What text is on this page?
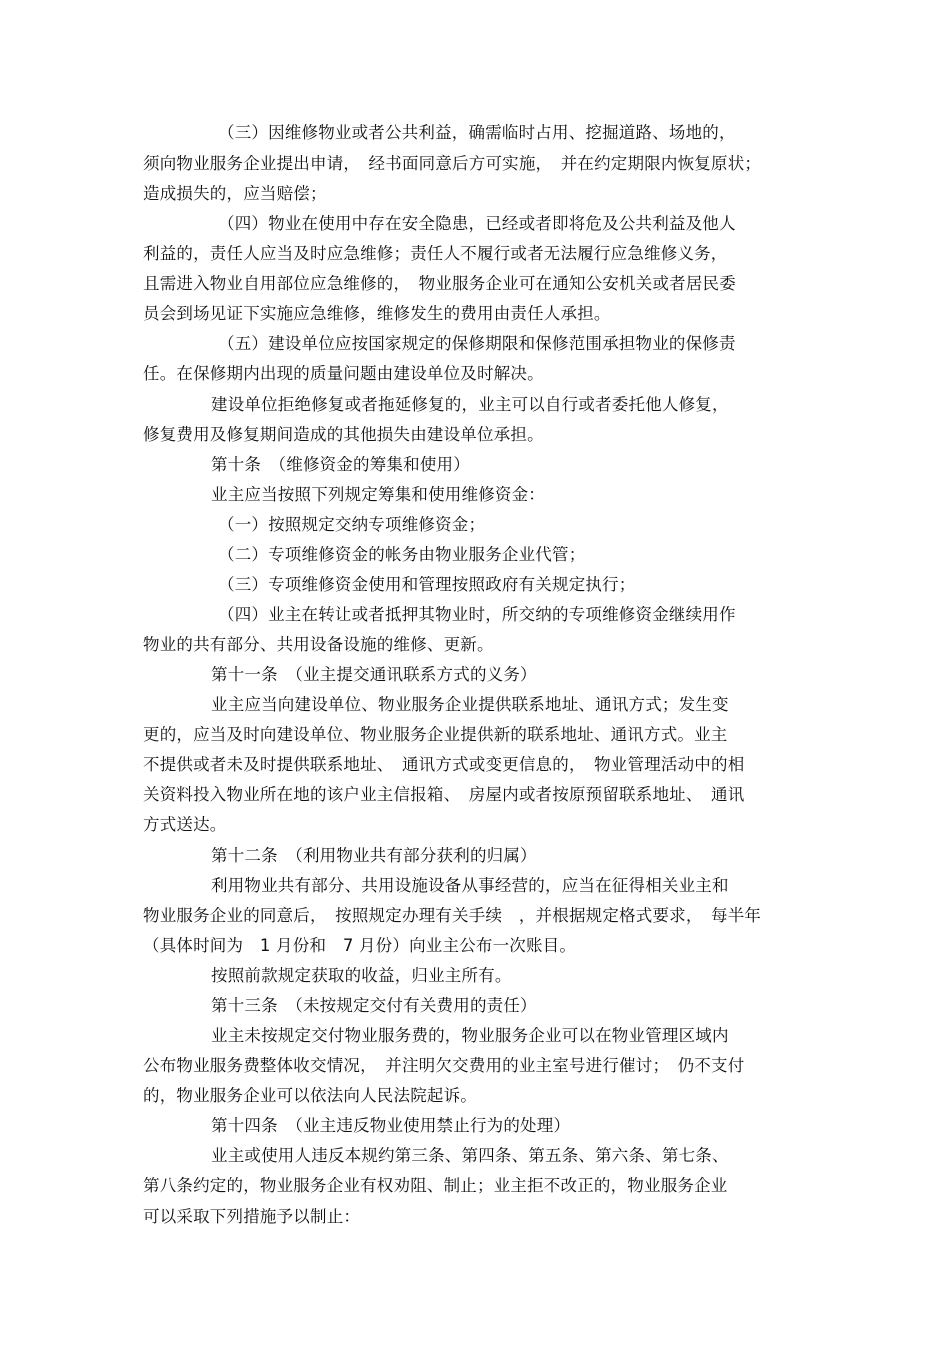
（三）因维修物业或者公共利益，确需临时占用、挖掘道路、场地的，

须向物业服务企业提出申请，　经书面同意后方可实施，　并在约定期限内恢复原状；

造成损失的，应当赔偿；

（四）物业在使用中存在安全隐患，已经或者即将危及公共利益及他人

利益的，责任人应当及时应急维修；责任人不履行或者无法履行应急维修义务，

且需进入物业自用部位应急维修的，　物业服务企业可在通知公安机关或者居民委

员会到场见证下实施应急维修，维修发生的费用由责任人承担。

（五）建设单位应按国家规定的保修期限和保修范围承担物业的保修责

任。在保修期内出现的质量问题由建设单位及时解决。

建设单位拒绝修复或者拖延修复的，业主可以自行或者委托他人修复，

修复费用及修复期间造成的其他损失由建设单位承担。

第十条　（维修资金的筹集和使用）

业主应当按照下列规定筹集和使用维修资金：

（一）按照规定交纳专项维修资金；

（二）专项维修资金的帐务由物业服务企业代管；

（三）专项维修资金使用和管理按照政府有关规定执行；

（四）业主在转让或者抵押其物业时，所交纳的专项维修资金继续用作

物业的共有部分、共用设备设施的维修、更新。

第十一条　（业主提交通讯联系方式的义务）

业主应当向建设单位、物业服务企业提供联系地址、通讯方式；发生变

更的，应当及时向建设单位、物业服务企业提供新的联系地址、通讯方式。业主

不提供或者未及时提供联系地址、　通讯方式或变更信息的，　物业管理活动中的相

关资料投入物业所在地的该户业主信报箱、　房屋内或者按原预留联系地址、　通讯

方式送达。

第十二条　（利用物业共有部分获利的归属）

利用物业共有部分、共用设施设备从事经营的，应当在征得相关业主和

物业服务企业的同意后，　按照规定办理有关手续　，并根据规定格式要求，　每半年

（具体时间为　1 月份和　7 月份）向业主公布一次账目。

按照前款规定获取的收益，归业主所有。

第十三条　（未按规定交付有关费用的责任）

业主未按规定交付物业服务费的，物业服务企业可以在物业管理区域内

公布物业服务费整体收交情况，　并注明欠交费用的业主室号进行催讨；　仍不支付

的，物业服务企业可以依法向人民法院起诉。

第十四条　（业主违反物业使用禁止行为的处理）

业主或使用人违反本规约第三条、第四条、第五条、第六条、第七条、

第八条约定的，物业服务企业有权劝阻、制止；业主拒不改正的，物业服务企业

可以采取下列措施予以制止：
